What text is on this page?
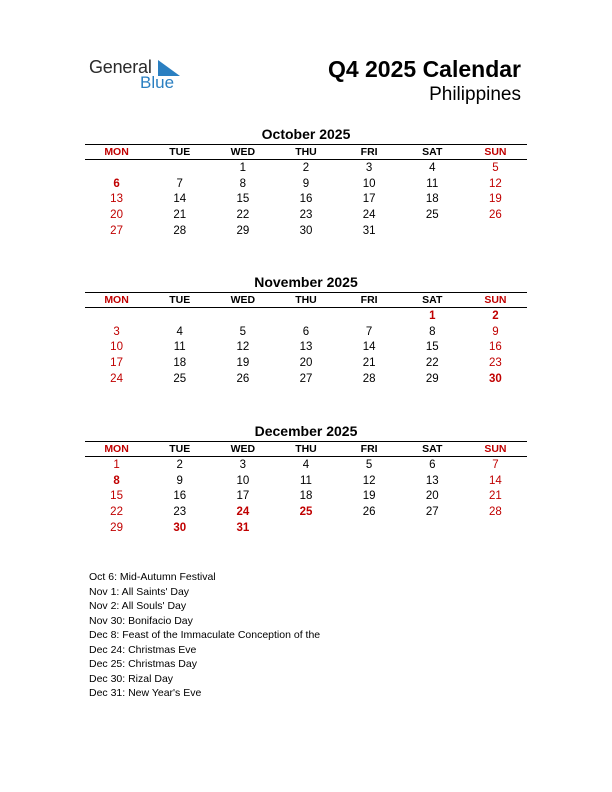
General
Blue
Q4 2025 Calendar
Philippines
October 2025
MON	TUE	WED	THU	FRI	SAT	SUN
		1	2	3	4	5
6	7	8	9	10	11	12
13	14	15	16	17	18	19
20	21	22	23	24	25	26
27	28	29	30	31		
November 2025
MON	TUE	WED	THU	FRI	SAT	SUN
					1	2
3	4	5	6	7	8	9
10	11	12	13	14	15	16
17	18	19	20	21	22	23
24	25	26	27	28	29	30
December 2025
MON	TUE	WED	THU	FRI	SAT	SUN
1	2	3	4	5	6	7
8	9	10	11	12	13	14
15	16	17	18	19	20	21
22	23	24	25	26	27	28
29	30	31				
Oct 6: Mid-Autumn Festival
Nov 1: All Saints' Day
Nov 2: All Souls' Day
Nov 30: Bonifacio Day
Dec 8: Feast of the Immaculate Conception of the
Dec 24: Christmas Eve
Dec 25: Christmas Day
Dec 30: Rizal Day
Dec 31: New Year's Eve
